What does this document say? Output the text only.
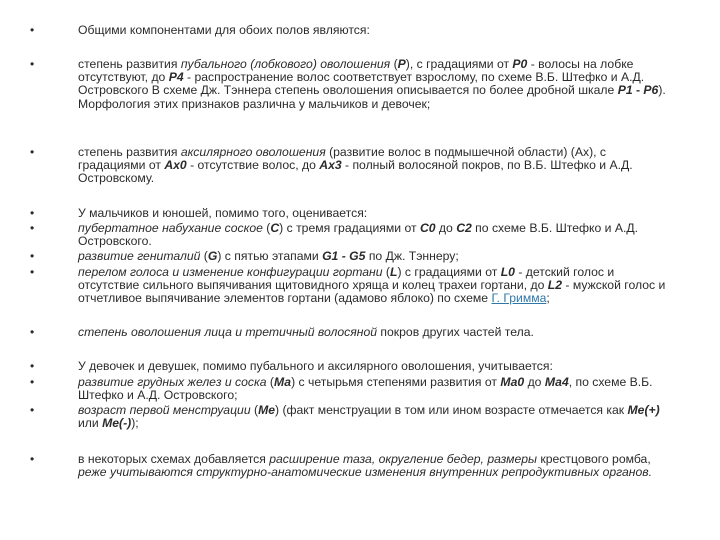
•	Общими компонентами для обоих полов являются:
•	степень развития пубального (лобкового) оволошения (Р), с градациями от Р0 - волосы на лобке отсутствуют, до Р4 - распространение волос соответствует взрослому, по схеме В.Б. Штефко и А.Д. Островского В схеме Дж. Тэннера степень оволошения описывается по более дробной шкале Р1 - Р6). Морфология этих признаков различна у мальчиков и девочек;
•	степень развития аксилярного оволошения (развитие волос в подмышечной области) (Ах), с градациями от Ах0 - отсутствие волос, до Ах3 - полный волосяной покров, по В.Б. Штефко и А.Д. Островскому.
•	У мальчиков и юношей, помимо того, оценивается:
•	пубертатное набухание соское (С) с тремя градациями от С0 до С2 по схеме В.Б. Штефко и А.Д. Островского.
•	развитие гениталий (G) с пятью этапами G1 - G5 по Дж. Тэннеру;
•	перелом голоса и изменение конфигурации гортани (L) с градациями от L0 - детский голос и отсутствие сильного выпячивания щитовидного хряща и колец трахеи гортани, до L2 - мужской голос и отчетливое выпячивание элементов гортани (адамово яблоко) по схеме Г. Гримма;
•	степень оволошения лица и третичный волосяной покров других частей тела.
•	У девочек и девушек, помимо пубального и аксилярного оволошения, учитывается:
•	развитие грудных желез и соска (Ма) с четырьмя степенями развития от Ма0 до Ма4, по схеме В.Б. Штефко и А.Д. Островского;
•	возраст первой менструации (Ме) (факт менструации в том или ином возрасте отмечается как Ме(+) или Ме(-));
•	в некоторых схемах добавляется расширение таза, округление бедер, размеры крестцового ромба, реже учитываются структурно-анатомические изменения внутренних репродуктивных органов.
